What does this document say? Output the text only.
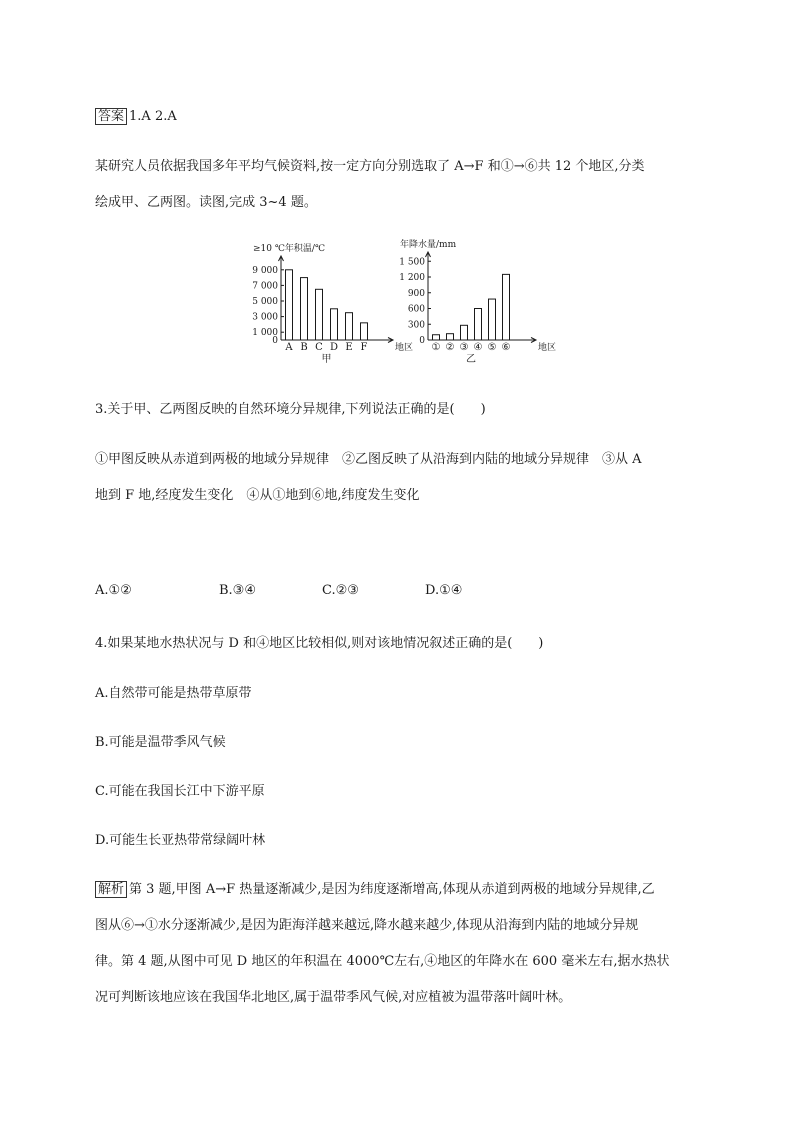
答案 1.A 2.A
某研究人员依据我国多年平均气候资料,按一定方向分别选取了 A→F 和①→⑥共 12 个地区,分类
绘成甲、乙两图。读图,完成 3~4 题。
≥10 ℃年积温/℃
0
1 000
3 000
5 000
7 000
9 000
A B C D E F	地区
甲
年降水量/mm
0
300
600
900
1 200
1 500
① ② ③ ④ ⑤ ⑥	地区
乙
3.关于甲、乙两图反映的自然环境分异规律,下列说法正确的是(　　)
①甲图反映从赤道到两极的地域分异规律　②乙图反映了从沿海到内陆的地域分异规律　③从 A
地到 F 地,经度发生变化　④从①地到⑥地,纬度发生变化
A.①②	B.③④	C.②③	D.①④
4.如果某地水热状况与 D 和④地区比较相似,则对该地情况叙述正确的是(　　)
A.自然带可能是热带草原带
B.可能是温带季风气候
C.可能在我国长江中下游平原
D.可能生长亚热带常绿阔叶林
解析 第 3 题,甲图 A→F 热量逐渐减少,是因为纬度逐渐增高,体现从赤道到两极的地域分异规律,乙
图从⑥→①水分逐渐减少,是因为距海洋越来越远,降水越来越少,体现从沿海到内陆的地域分异规
律。第 4 题,从图中可见 D 地区的年积温在 4000℃左右,④地区的年降水在 600 毫米左右,据水热状
况可判断该地应该在我国华北地区,属于温带季风气候,对应植被为温带落叶阔叶林。
